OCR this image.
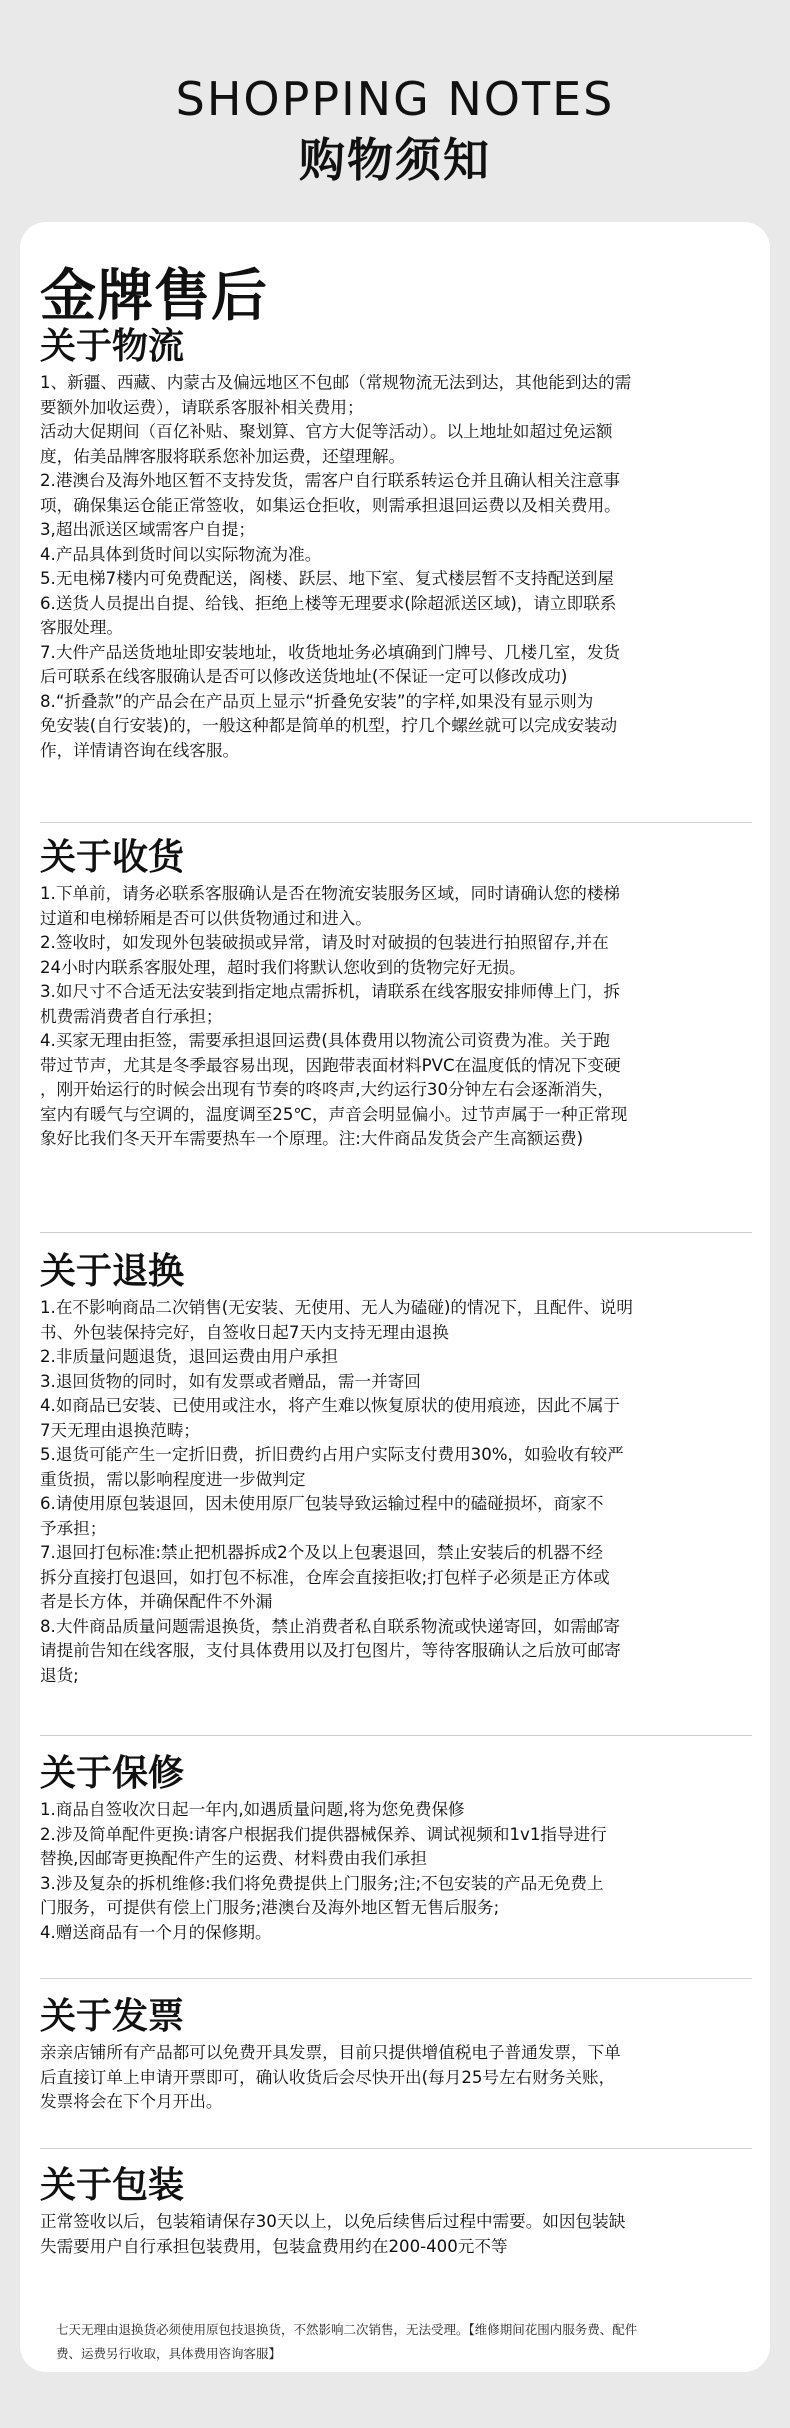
SHOPPING NOTES
购物须知
金牌售后
关于物流

1、新疆、西藏、内蒙古及偏远地区不包邮（常规物流无法到达，其他能到达的需

要额外加收运费），请联系客服补相关费用；

活动大促期间（百亿补贴、聚划算、官方大促等活动）。以上地址如超过免运额

度，佑美品牌客服将联系您补加运费，还望理解。

2.港澳台及海外地区暂不支持发货，需客户自行联系转运仓并且确认相关注意事

项，确保集运仓能正常签收，如集运仓拒收，则需承担退回运费以及相关费用。

3,超出派送区域需客户自提；

4.产品具体到货时间以实际物流为准。

5.无电梯7楼内可免费配送，阁楼、跃层、地下室、复式楼层暂不支持配送到屋

6.送货人员提出自提、给钱、拒绝上楼等无理要求(除超派送区域)，请立即联系

客服处理。

7.大件产品送货地址即安装地址，收货地址务必填确到门牌号、几楼几室，发货

后可联系在线客服确认是否可以修改送货地址(不保证一定可以修改成功)

8.“折叠款”的产品会在产品页上显示“折叠免安装”的字样,如果没有显示则为

免安装(自行安装)的，一般这种都是简单的机型，拧几个螺丝就可以完成安装动

作，详情请咨询在线客服。

关于收货

1.下单前，请务必联系客服确认是否在物流安装服务区域，同时请确认您的楼梯

过道和电梯轿厢是否可以供货物通过和进入。

2.签收时，如发现外包装破损或异常，请及时对破损的包装进行拍照留存,并在

24小时内联系客服处理，超时我们将默认您收到的货物完好无损。

3.如尺寸不合适无法安装到指定地点需拆机，请联系在线客服安排师傅上门，拆

机费需消费者自行承担；

4.买家无理由拒签，需要承担退回运费(具体费用以物流公司资费为准。关于跑

带过节声，尤其是冬季最容易出现，因跑带表面材料PVC在温度低的情况下变硬

，刚开始运行的时候会出现有节奏的咚咚声,大约运行30分钟左右会逐渐消失，

室内有暖气与空调的，温度调至25℃，声音会明显偏小。过节声属于一种正常现

象好比我们冬天开车需要热车一个原理。注:大件商品发货会产生高额运费)

关于退换

1.在不影响商品二次销售(无安装、无使用、无人为磕碰)的情况下，且配件、说明

书、外包装保持完好，自签收日起7天内支持无理由退换

2.非质量问题退货，退回运费由用户承担

3.退回货物的同时，如有发票或者赠品，需一并寄回

4.如商品已安装、已使用或注水，将产生难以恢复原状的使用痕迹，因此不属于

7天无理由退换范畴；

5.退货可能产生一定折旧费，折旧费约占用户实际支付费用30%，如验收有较严

重货损，需以影响程度进一步做判定

6.请使用原包装退回，因未使用原厂包装导致运输过程中的磕碰损坏，商家不

予承担；

7.退回打包标准:禁止把机器拆成2个及以上包裹退回，禁止安装后的机器不经

拆分直接打包退回，如打包不标准，仓库会直接拒收;打包样子必须是正方体或

者是长方体，并确保配件不外漏

8.大件商品质量问题需退换货，禁止消费者私自联系物流或快递寄回，如需邮寄

请提前告知在线客服，支付具体费用以及打包图片，等待客服确认之后放可邮寄

退货;

关于保修

1.商品自签收次日起一年内,如遇质量问题,将为您免费保修

2.涉及简单配件更换:请客户根据我们提供器械保养、调试视频和1v1指导进行

替换,因邮寄更换配件产生的运费、材料费由我们承担

3.涉及复杂的拆机维修:我们将免费提供上门服务;注;不包安装的产品无免费上

门服务，可提供有偿上门服务;港澳台及海外地区暂无售后服务;

4.赠送商品有一个月的保修期。

关于发票

亲亲店铺所有产品都可以免费开具发票，目前只提供增值税电子普通发票，下单

后直接订单上申请开票即可，确认收货后会尽快开出(每月25号左右财务关账，

发票将会在下个月开出。

关于包装

正常签收以后，包装箱请保存30天以上，以免后续售后过程中需要。如因包装缺

失需要用户自行承担包装费用，包装盒费用约在200-400元不等

七天无理由退换货必须使用原包技退换货，不然影响二次销售，无法受理。【维修期间花围内服务费、配件

费、运费另行收取，具体费用咨询客服】
